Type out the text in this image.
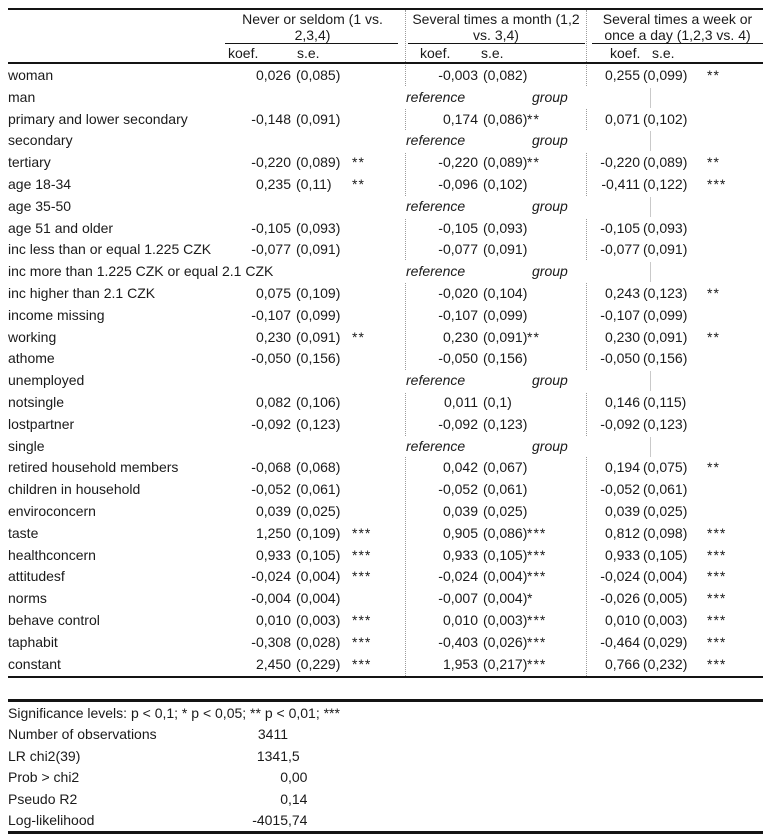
Never or seldom (1 vs.
2,3,4)
Several times a month (1,2
vs. 3,4)
Several times a week or
once a day (1,2,3 vs. 4)
koef.	s.e.	koef. s.e.	koef. s.e.
woman	0,026 (0,085)	-0,003 (0,082)	0,255 (0,099) **
man	reference	group
primary and lower secondary	-0,148 (0,091)	0,174 (0,086) **	0,071 (0,102)
secondary	reference	group
tertiary	-0,220 (0,089) **	-0,220 (0,089) **	-0,220 (0,089) **
age 18-34	0,235 (0,11) **	-0,096 (0,102)	-0,411 (0,122) ***
age 35-50	reference	group
age 51 and older	-0,105 (0,093)	-0,105 (0,093)	-0,105 (0,093)
inc less than or equal 1.225 CZK	-0,077 (0,091)	-0,077 (0,091)	-0,077 (0,091)
inc more than 1.225 CZK or equal 2.1 CZK	reference	group
inc higher than 2.1 CZK	0,075 (0,109)	-0,020 (0,104)	0,243 (0,123) **
income missing	-0,107 (0,099)	-0,107 (0,099)	-0,107 (0,099)
working	0,230 (0,091) **	0,230 (0,091) **	0,230 (0,091) **
athome	-0,050 (0,156)	-0,050 (0,156)	-0,050 (0,156)
unemployed	reference	group
notsingle	0,082 (0,106)	0,011 (0,1)	0,146 (0,115)
lostpartner	-0,092 (0,123)	-0,092 (0,123)	-0,092 (0,123)
single	reference	group
retired household members	-0,068 (0,068)	0,042 (0,067)	0,194 (0,075) **
children in household	-0,052 (0,061)	-0,052 (0,061)	-0,052 (0,061)
enviroconcern	0,039 (0,025)	0,039 (0,025)	0,039 (0,025)
taste	1,250 (0,109) ***	0,905 (0,086) ***	0,812 (0,098) ***
healthconcern	0,933 (0,105) ***	0,933 (0,105) ***	0,933 (0,105) ***
attitudesf	-0,024 (0,004) ***	-0,024 (0,004) ***	-0,024 (0,004) ***
norms	-0,004 (0,004)	-0,007 (0,004) *	-0,026 (0,005) ***
behave control	0,010 (0,003) ***	0,010 (0,003) ***	0,010 (0,003) ***
taphabit	-0,308 (0,028) ***	-0,403 (0,026) ***	-0,464 (0,029) ***
constant	2,450 (0,229) ***	1,953 (0,217) ***	0,766 (0,232) ***
Significance levels: p < 0,1; * p < 0,05; ** p < 0,01; ***
Number of observations	3411
LR chi2(39)	1341 ,5
Prob > chi2	0 ,00
Pseudo R2	0 ,14
Log-likelihood	-4015 ,74
